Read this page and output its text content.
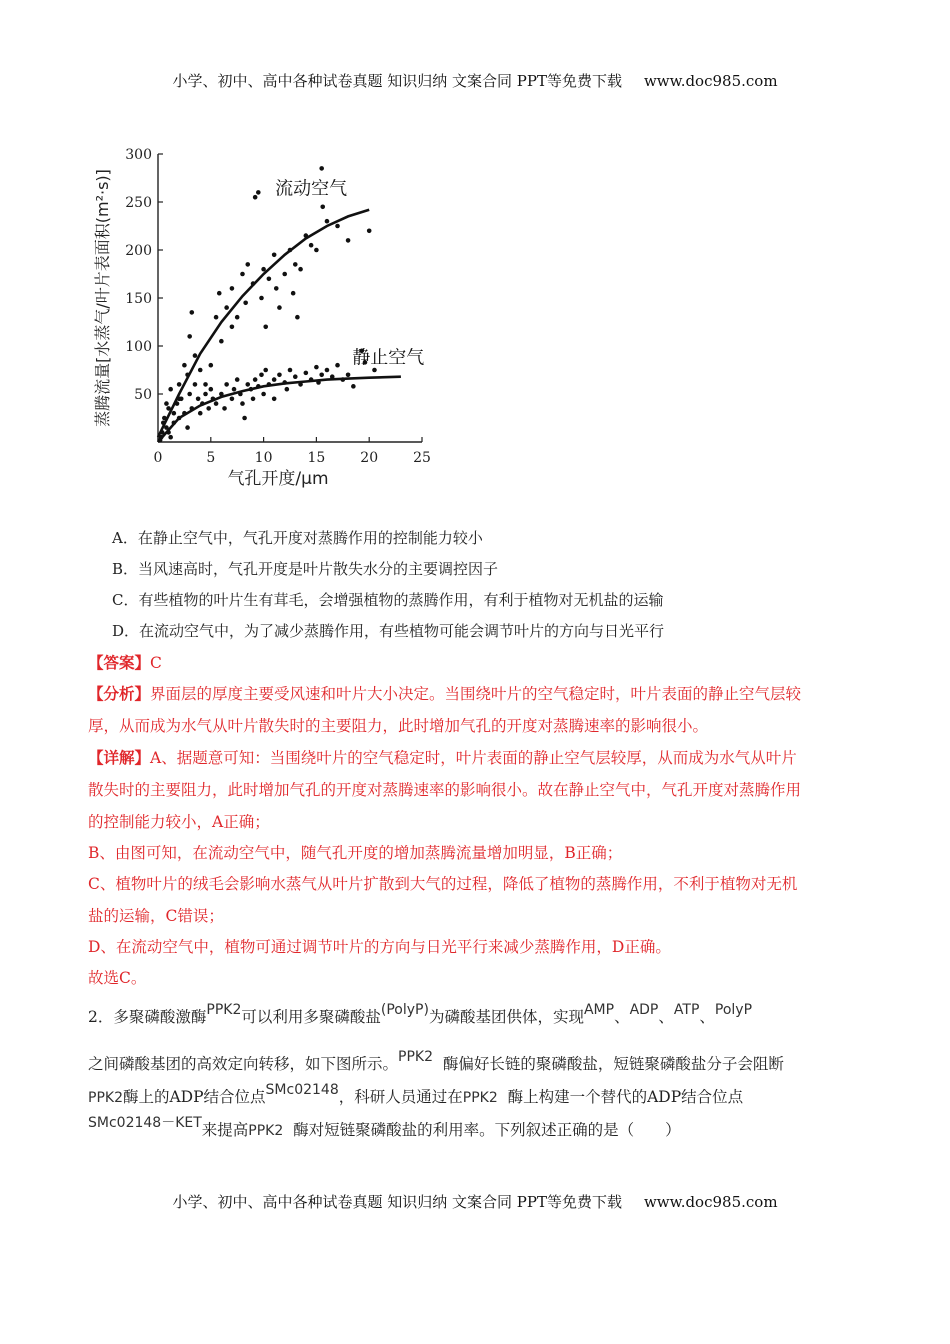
小学、初中、高中各种试卷真题 知识归纳 文案合同 PPT等免费下载 www.doc985.com
0	5	10 15 20 25
50
100
150
200
250
300
气孔开度/μm
蒸腾流量[水蒸气/叶片表面积(m²·s)]	流动空气
静止空气
A．在静止空气中，气孔开度对蒸腾作用的控制能力较小
B．当风速高时，气孔开度是叶片散失水分的主要调控因子
C．有些植物的叶片生有茸毛，会增强植物的蒸腾作用，有利于植物对无机盐的运输
D．在流动空气中，为了减少蒸腾作用，有些植物可能会调节叶片的方向与日光平行
【答案】C
【分析】界面层的厚度主要受风速和叶片大小决定。当围绕叶片的空气稳定时，叶片表面的静止空气层较
厚，从而成为水气从叶片散失时的主要阻力，此时增加气孔的开度对蒸腾速率的影响很小。
【详解】A、据题意可知：当围绕叶片的空气稳定时，叶片表面的静止空气层较厚，从而成为水气从叶片
散失时的主要阻力，此时增加气孔的开度对蒸腾速率的影响很小。故在静止空气中，气孔开度对蒸腾作用
的控制能力较小，A正确；
B、由图可知，在流动空气中，随气孔开度的增加蒸腾流量增加明显，B正确；
C、植物叶片的绒毛会影响水蒸气从叶片扩散到大气的过程，降低了植物的蒸腾作用，不利于植物对无机
盐的运输，C错误；
D、在流动空气中，植物可通过调节叶片的方向与日光平行来减少蒸腾作用，D正确。
故选C。
2．多聚磷酸激酶PPK2可以利用多聚磷酸盐(PolyP)为磷酸基团供体，实现AMP、ADP、ATP、PolyP
之间磷酸基团的高效定向转移，如下图所示。PPK2 酶偏好长链的聚磷酸盐，短链聚磷酸盐分子会阻断
PPK2酶上的ADP结合位点SMc02148，科研人员通过在PPK2 酶上构建一个替代的ADP结合位点
SMc02148－KET来提高PPK2 酶对短链聚磷酸盐的利用率。下列叙述正确的是（　　）
小学、初中、高中各种试卷真题 知识归纳 文案合同 PPT等免费下载 www.doc985.com
